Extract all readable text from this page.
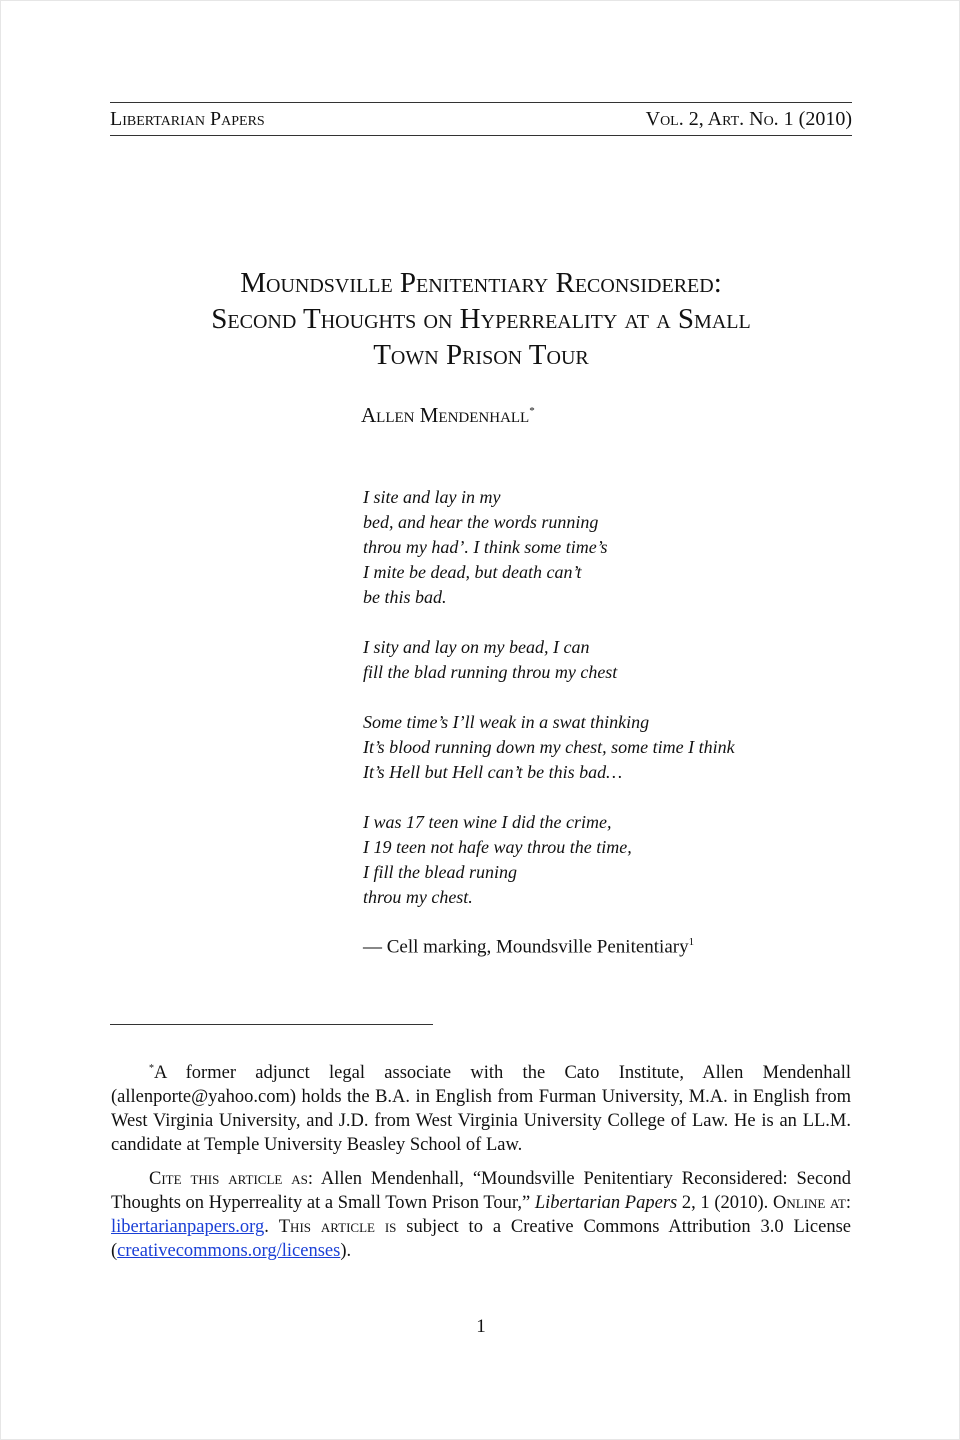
Libertarian Papers	Vol. 2, Art. No. 1 (2010)
Moundsville Penitentiary Reconsidered:
Second Thoughts on Hyperreality at a Small
Town Prison Tour
Allen Mendenhall*
I site and lay in my
bed, and hear the words running
throu my had’. I think some time’s
I mite be dead, but death can’t
be this bad.
I sity and lay on my bead, I can
fill the blad running throu my chest
Some time’s I’ll weak in a swat thinking
It’s blood running down my chest, some time I think
It’s Hell but Hell can’t be this bad…
I was 17 teen wine I did the crime,
I 19 teen not hafe way throu the time,
I fill the blead runing
throu my chest.
— Cell marking, Moundsville Penitentiary$^1$

*A former adjunct legal associate with the Cato Institute, Allen Mendenhall (allenporte@yahoo.com) holds the B.A. in English from Furman University, M.A. in English from West Virginia University, and J.D. from West Virginia University College of Law. He is an LL.M. candidate at Temple University Beasley School of Law.

Cite this article as: Allen Mendenhall, “Moundsville Penitentiary Reconsidered: Second Thoughts on Hyperreality at a Small Town Prison Tour,” Libertarian Papers 2, 1 (2010). Online at: libertarianpapers.org. This article is subject to a Creative Commons Attribution 3.0 License (creativecommons.org/licenses).

1
